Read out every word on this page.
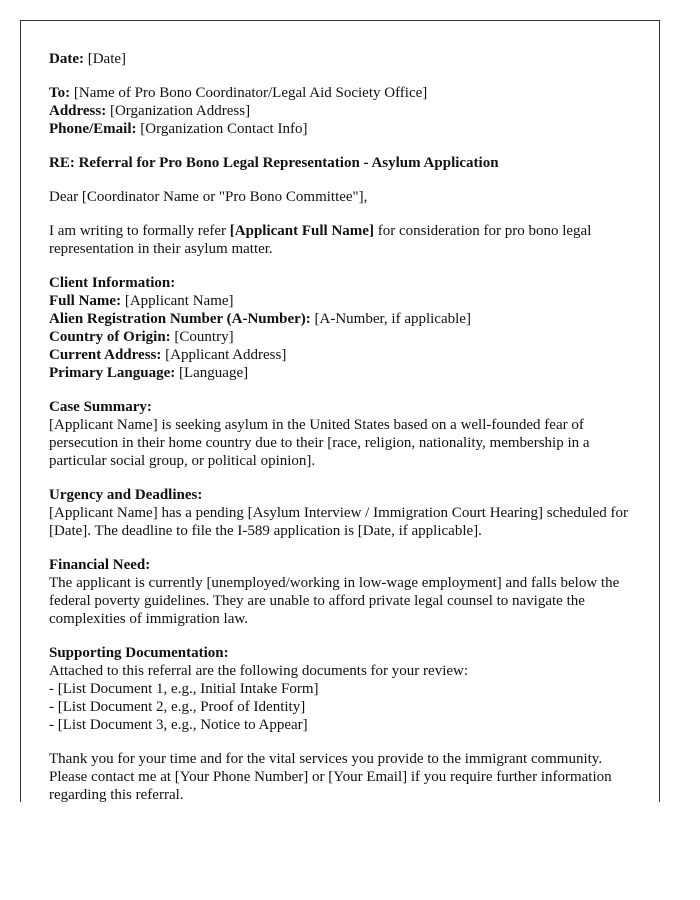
Date: [Date]

To: [Name of Pro Bono Coordinator/Legal Aid Society Office]
Address: [Organization Address]
Phone/Email: [Organization Contact Info]

RE: Referral for Pro Bono Legal Representation - Asylum Application

Dear [Coordinator Name or "Pro Bono Committee"],

I am writing to formally refer [Applicant Full Name] for consideration for pro bono legal representation in their asylum matter.

Client Information:
Full Name: [Applicant Name]
Alien Registration Number (A-Number): [A-Number, if applicable]
Country of Origin: [Country]
Current Address: [Applicant Address]
Primary Language: [Language]

Case Summary:
[Applicant Name] is seeking asylum in the United States based on a well-founded fear of persecution in their home country due to their [race, religion, nationality, membership in a particular social group, or political opinion].

Urgency and Deadlines:
[Applicant Name] has a pending [Asylum Interview / Immigration Court Hearing] scheduled for [Date]. The deadline to file the I-589 application is [Date, if applicable].

Financial Need:
The applicant is currently [unemployed/working in low-wage employment] and falls below the federal poverty guidelines. They are unable to afford private legal counsel to navigate the complexities of immigration law.

Supporting Documentation:
Attached to this referral are the following documents for your review:
- [List Document 1, e.g., Initial Intake Form]
- [List Document 2, e.g., Proof of Identity]
- [List Document 3, e.g., Notice to Appear]

Thank you for your time and for the vital services you provide to the immigrant community. Please contact me at [Your Phone Number] or [Your Email] if you require further information regarding this referral.
